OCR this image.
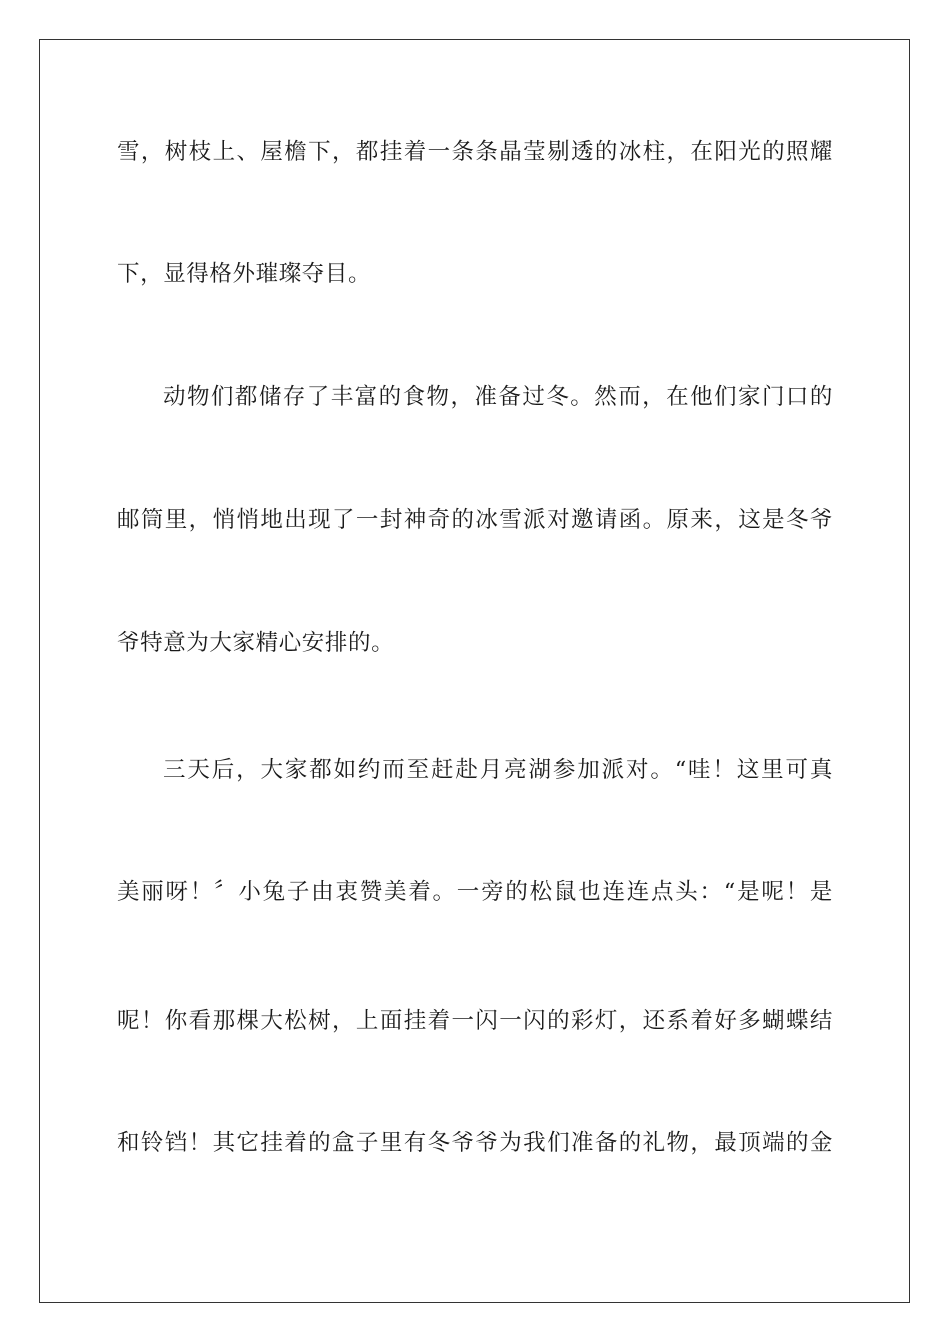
雪，树枝上、屋檐下，都挂着一条条晶莹剔透的冰柱，在阳光的照耀
下，显得格外璀璨夺目。
动物们都储存了丰富的食物，准备过冬。然而，在他们家门口的
邮筒里，悄悄地出现了一封神奇的冰雪派对邀请函。原来，这是冬爷
爷特意为大家精心安排的。
三天后，大家都如约而至赶赴月亮湖参加派对。“哇！这里可真
美丽呀！〞小兔子由衷赞美着。一旁的松鼠也连连点头：“是呢！是
呢！你看那棵大松树，上面挂着一闪一闪的彩灯，还系着好多蝴蝶结
和铃铛！其它挂着的盒子里有冬爷爷为我们准备的礼物，最顶端的金
